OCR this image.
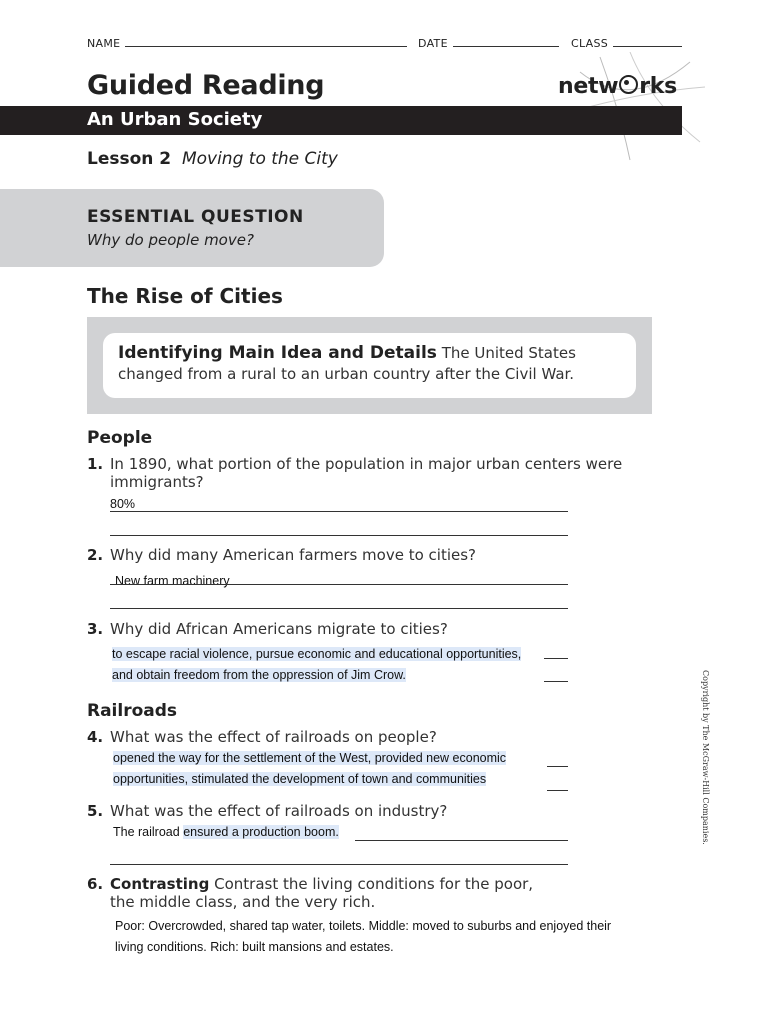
NAME	DATE	CLASS
Guided Reading	netw rks
An Urban Society
Lesson 2 Moving to the City
ESSENTIAL QUESTION
Why do people move?
The Rise of Cities
Identifying Main Idea and Details The United States
changed from a rural to an urban country after the Civil War.
People
1. In 1890, what portion of the population in major urban centers were
immigrants?
80%
2. Why did many American farmers move to cities?
New farm machinery
3. Why did African Americans migrate to cities?
to escape racial violence, pursue economic and educational opportunities,
and obtain freedom from the oppression of Jim Crow.
Railroads
4. What was the effect of railroads on people?
opened the way for the settlement of the West, provided new economic
opportunities, stimulated the development of town and communities
5. What was the effect of railroads on industry?
The railroad ensured a production boom.
6. Contrasting Contrast the living conditions for the poor,
the middle class, and the very rich.
Poor: Overcrowded, shared tap water, toilets. Middle: moved to suburbs and enjoyed their
living conditions. Rich: built mansions and estates.
Copyright by The McGraw-Hill Companies.
